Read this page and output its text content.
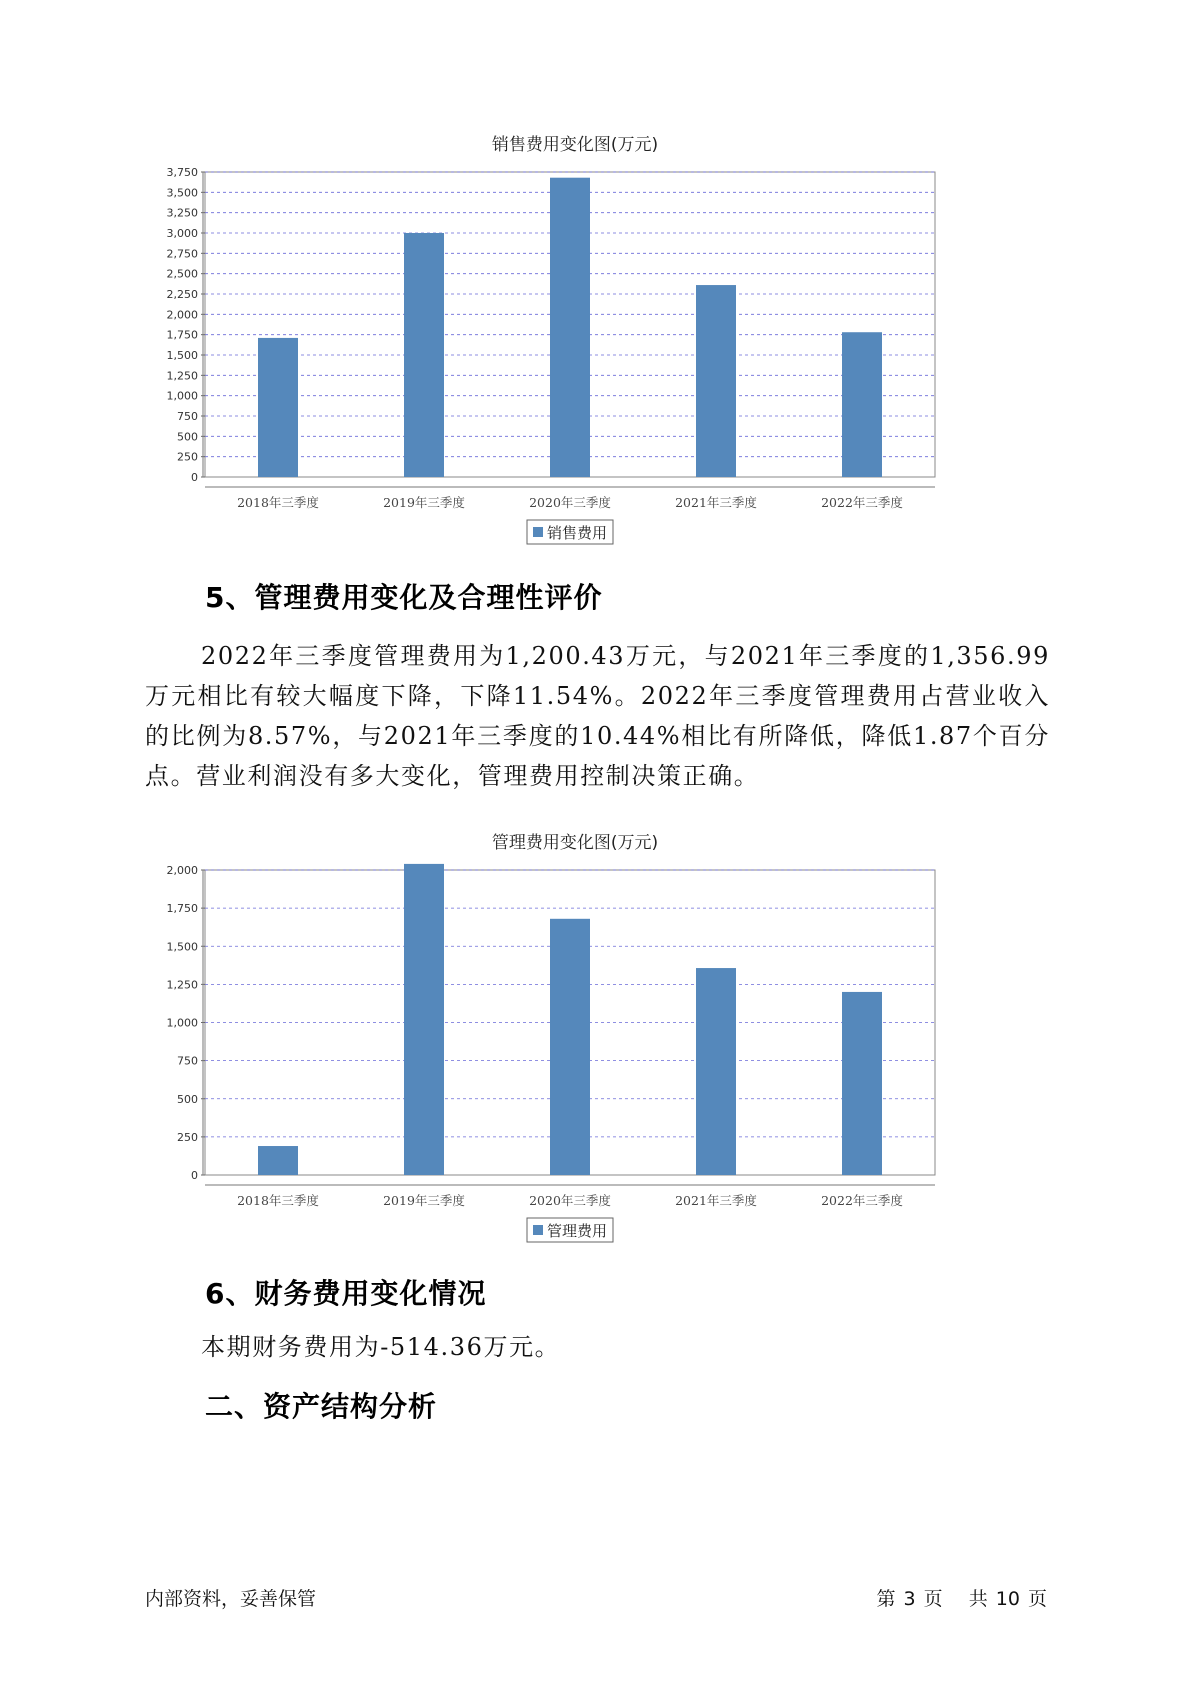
销售费用变化图(万元)
0
250
500
750
1,000
1,250
1,500
1,750
2,000
2,250
2,500
2,750
3,000
3,250
3,500
3,750
2018年三季度	2019年三季度	2020年三季度	2021年三季度	2022年三季度
销售费用
5、管理费用变化及合理性评价

2022年三季度管理费用为1,200.43万元，与2021年三季度的1,356.99万元相比有较大幅度下降，下降11.54%。2022年三季度管理费用占营业收入的比例为8.57%，与2021年三季度的10.44%相比有所降低，降低1.87个百分点。营业利润没有多大变化，管理费用控制决策正确。

管理费用变化图(万元)
0
250
500
750
1,000
1,250
1,500
1,750
2,000
2018年三季度	2019年三季度	2020年三季度	2021年三季度	2022年三季度
管理费用
6、财务费用变化情况

本期财务费用为-514.36万元。

二、资产结构分析
内部资料，妥善保管	第 3 页 共 10 页
